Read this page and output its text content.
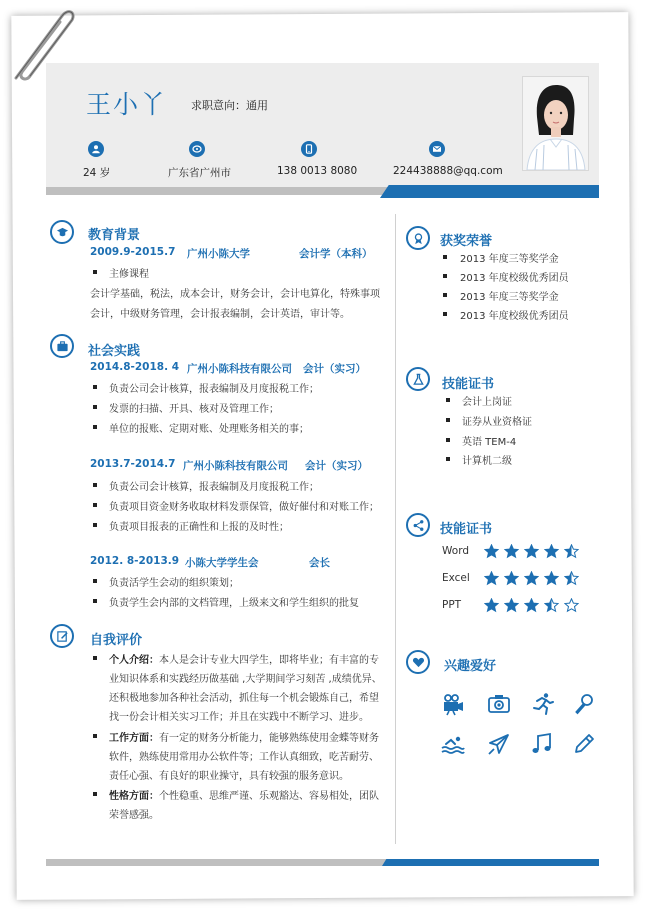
王小丫 求职意向：通用
24 岁	广东省广州市	138 0013 8080	224438888@qq.com
教育背景
2009.9-2015.7 广州小陈大学	会计学（本科）
主修课程
会计学基础，税法，成本会计，财务会计，会计电算化，特殊事项
会计，中级财务管理，会计报表编制，会计英语，审计等。
社会实践
2014.8-2018. 4 广州小陈科技有限公司 会计（实习）
负责公司会计核算，报表编制及月度报税工作；
发票的扫描、开具、核对及管理工作；
单位的报账、定期对账、处理账务相关的事；
2013.7-2014.7 广州小陈科技有限公司 会计（实习）
负责公司会计核算，报表编制及月度报税工作；
负责项目资金财务收取材料发票保管，做好催付和对账工作；
负责项目报表的正确性和上报的及时性；
2012. 8-2013.9 小陈大学学生会	会长
负责活学生会动的组织策划；
负责学生会内部的文档管理，上级来文和学生组织的批复
自我评价
个人介绍：本人是会计专业大四学生，即将毕业；有丰富的专
业知识体系和实践经历做基础 ,大学期间学习刻苦 ,成绩优异、
还积极地参加各种社会活动，抓住每一个机会锻炼自己，希望
找一份会计相关实习工作；并且在实践中不断学习、进步。
工作方面：有一定的财务分析能力，能够熟练使用金蝶等财务
软件，熟练使用常用办公软件等；工作认真细致，吃苦耐劳、
责任心强、有良好的职业操守，具有较强的服务意识。
性格方面：个性稳重、思维严谨、乐观豁达、容易相处，团队
荣誉感强。
获奖荣誉
2013 年度三等奖学金
2013 年度校级优秀团员
2013 年度三等奖学金
2013 年度校级优秀团员
技能证书
会计上岗证
证券从业资格证
英语 TEM-4
计算机二级
技能证书
Word
Excel
PPT
兴趣爱好
